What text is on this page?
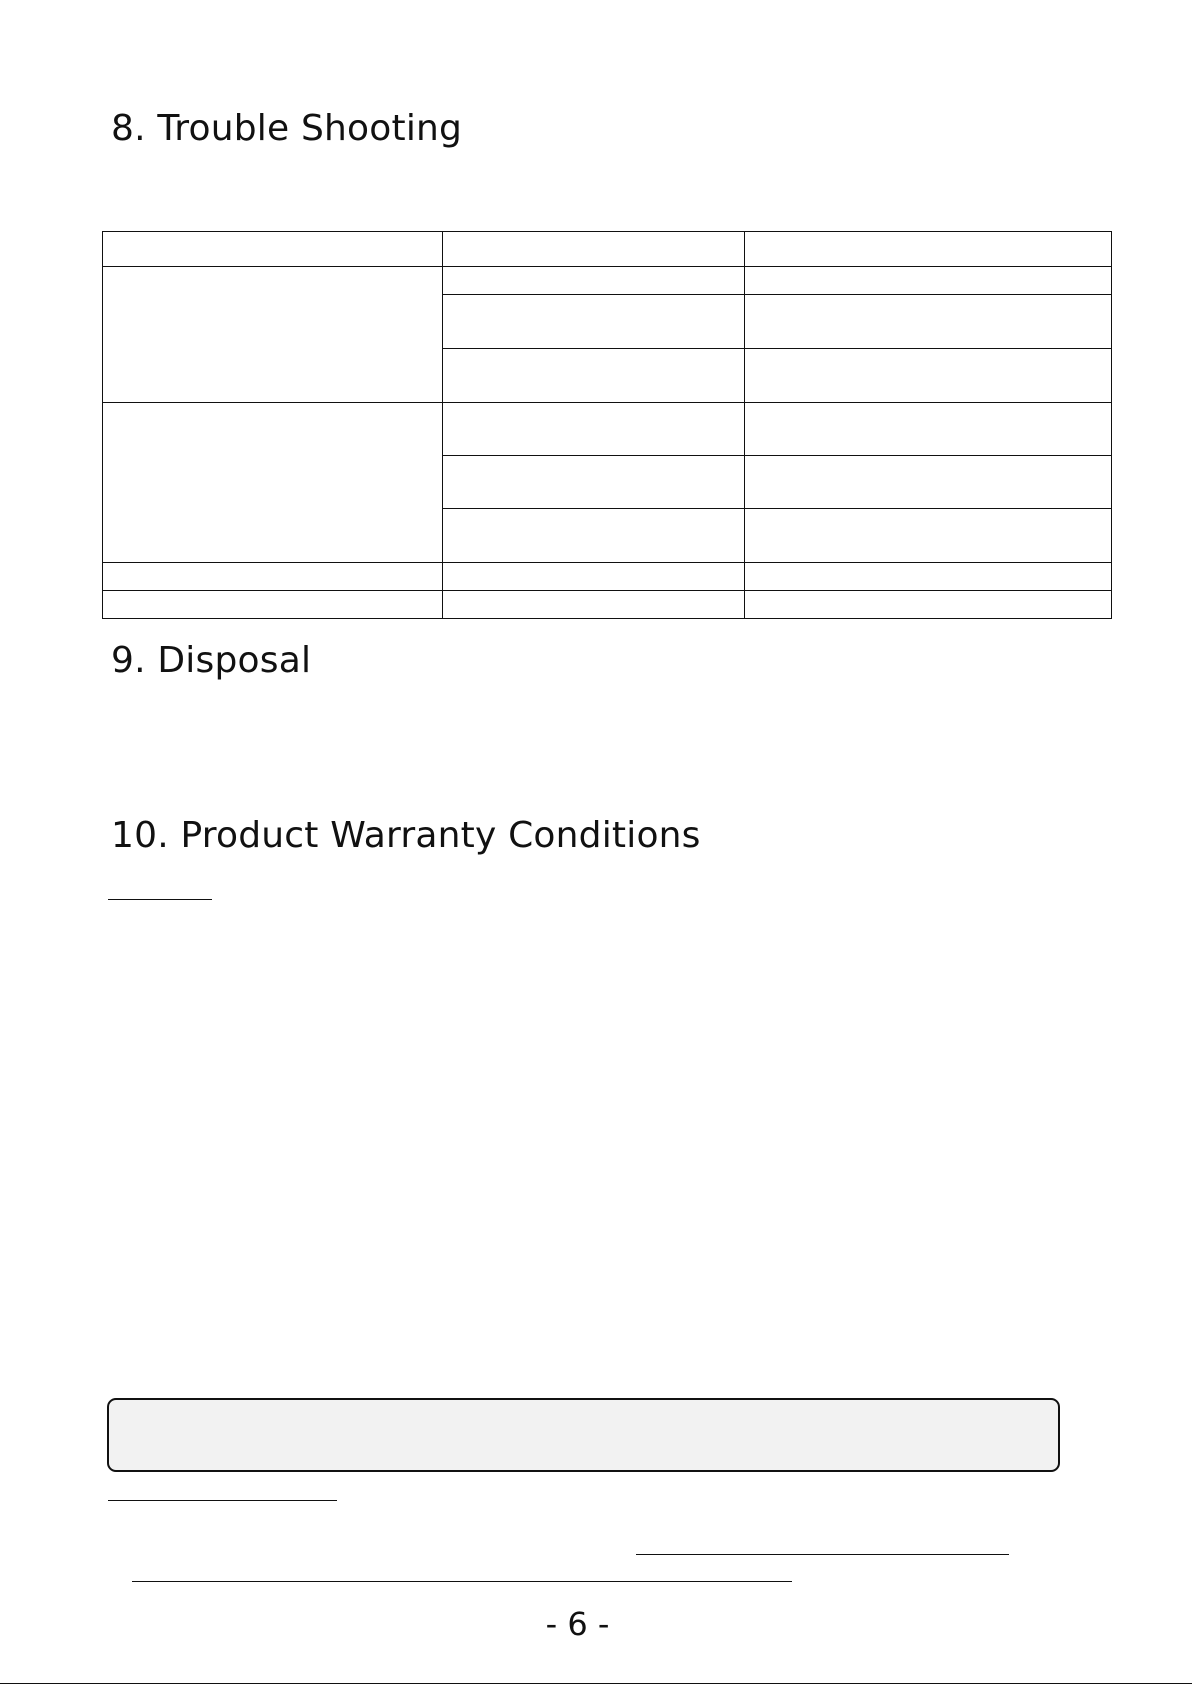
8. Trouble Shooting

9. Disposal
10. Product Warranty Conditions
- 6 -
